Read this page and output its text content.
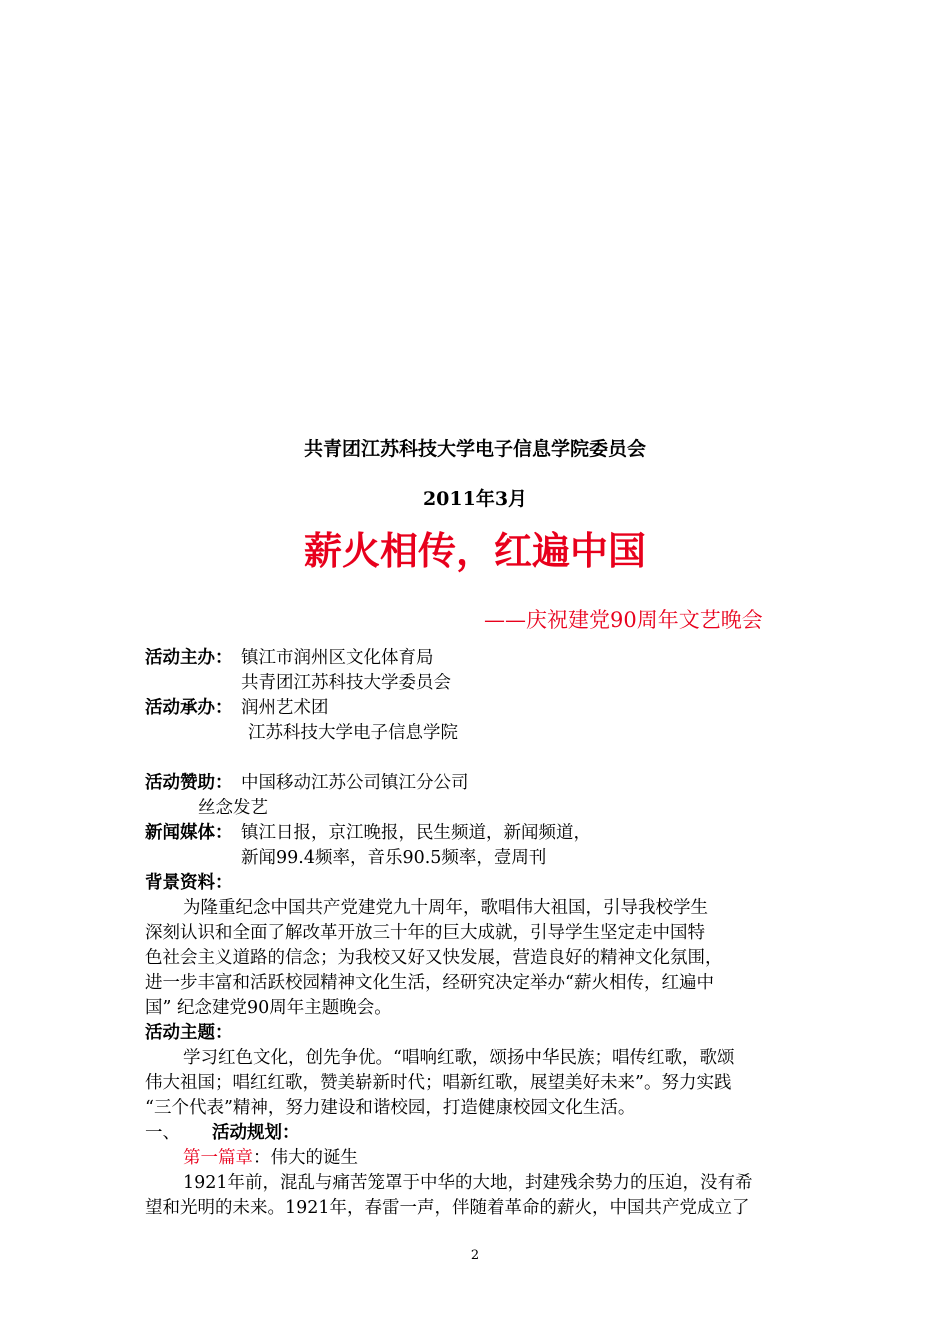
共青团江苏科技大学电子信息学院委员会
2011年3月
薪火相传，红遍中国
——庆祝建党90周年文艺晚会
活动主办： 镇江市润州区文化体育局
共青团江苏科技大学委员会
活动承办： 润州艺术团
江苏科技大学电子信息学院
活动赞助： 中国移动江苏公司镇江分公司
丝念发艺
新闻媒体： 镇江日报，京江晚报，民生频道，新闻频道，
新闻99.4频率，音乐90.5频率，壹周刊
背景资料：
为隆重纪念中国共产党建党九十周年，歌唱伟大祖国，引导我校学生
深刻认识和全面了解改革开放三十年的巨大成就，引导学生坚定走中国特
色社会主义道路的信念；为我校又好又快发展，营造良好的精神文化氛围，
进一步丰富和活跃校园精神文化生活，经研究决定举办“薪火相传，红遍中
国” 纪念建党90周年主题晚会。
活动主题：
学习红色文化，创先争优。“唱响红歌，颂扬中华民族；唱传红歌，歌颂
伟大祖国；唱红红歌，赞美崭新时代；唱新红歌，展望美好未来”。努力实践
“三个代表”精神，努力建设和谐校园，打造健康校园文化生活。
一、 活动规划：
第一篇章：伟大的诞生
1921年前，混乱与痛苦笼罩于中华的大地，封建残余势力的压迫，没有希
望和光明的未来。1921年，春雷一声，伴随着革命的薪火，中国共产党成立了
2
